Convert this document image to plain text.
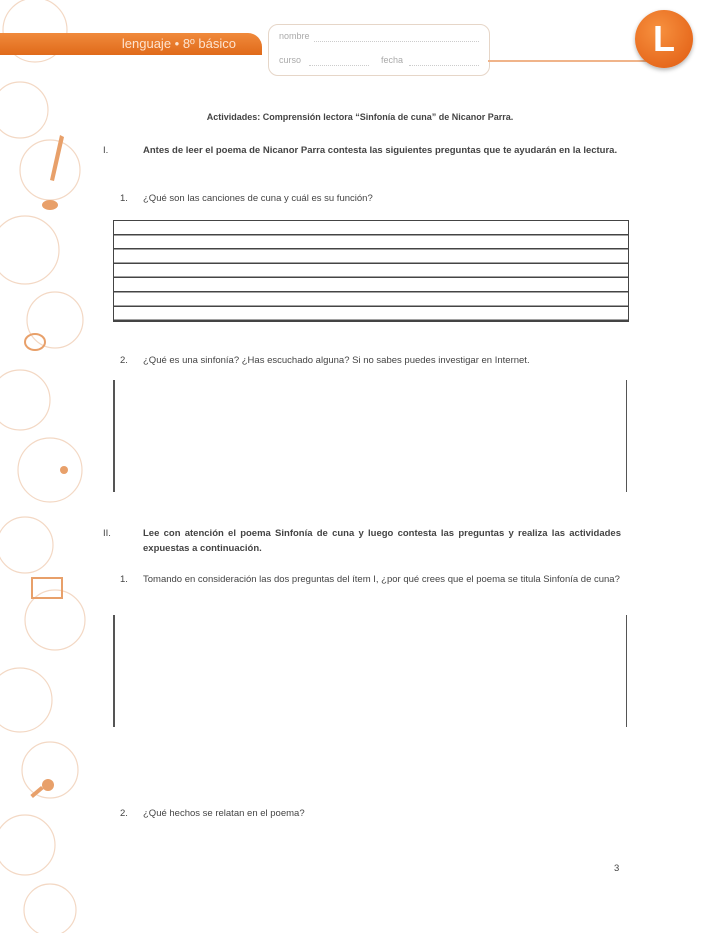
lenguaje • 8º básico	nombre
curso	fecha
L
Actividades: Comprensión lectora “Sinfonía de cuna” de Nicanor Parra.
I.	Antes de leer el poema de Nicanor Parra contesta las siguientes preguntas que te ayudarán en la lectura.
1. ¿Qué son las canciones de cuna y cuál es su función?
2. ¿Qué es una sinfonía? ¿Has escuchado alguna? Si no sabes puedes investigar en Internet.
II.	Lee con atención el poema Sinfonía de cuna y luego contesta las preguntas y realiza las actividades expuestas a continuación.
1. Tomando en consideración las dos preguntas del ítem I, ¿por qué crees que el poema se titula Sinfonía de cuna?
2. ¿Qué hechos se relatan en el poema?
3
